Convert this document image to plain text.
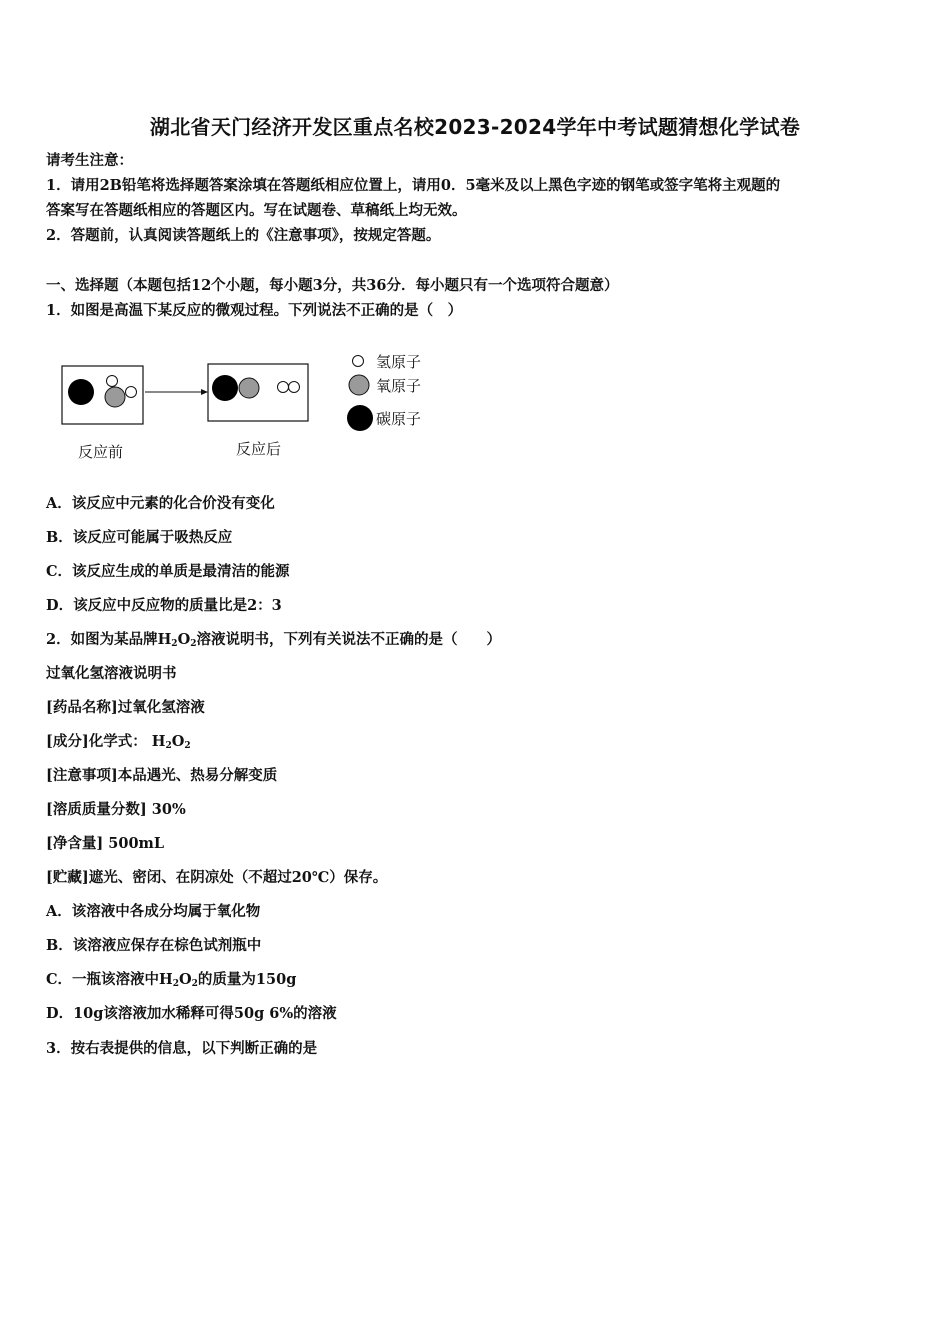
湖北省天门经济开发区重点名校2023-2024学年中考试题猜想化学试卷
请考生注意：
1．请用2B铅笔将选择题答案涂填在答题纸相应位置上，请用0．5毫米及以上黑色字迹的钢笔或签字笔将主观题的
答案写在答题纸相应的答题区内。写在试题卷、草稿纸上均无效。
2．答题前，认真阅读答题纸上的《注意事项》，按规定答题。
一、选择题（本题包括12个小题，每小题3分，共36分．每小题只有一个选项符合题意）
1．如图是高温下某反应的微观过程。下列说法不正确的是（　）
反应前	反应后
氢原子
氧原子
碳原子
A．该反应中元素的化合价没有变化
B．该反应可能属于吸热反应
C．该反应生成的单质是最清洁的能源
D．该反应中反应物的质量比是2：3
2．如图为某品牌$H_2O_2$溶液说明书，下列有关说法不正确的是（　　）
过氧化氢溶液说明书
[药品名称]过氧化氢溶液
[成分]化学式： $H_2O_2$
[注意事项]本品遇光、热易分解变质
[溶质质量分数] 30%
[净含量] 500mL
[贮藏]遮光、密闭、在阴凉处（不超过20℃）保存。
A．该溶液中各成分均属于氧化物
B．该溶液应保存在棕色试剂瓶中
C．一瓶该溶液中$H_2O_2$的质量为150g
D．10g该溶液加水稀释可得50g 6%的溶液
3．按右表提供的信息，以下判断正确的是
